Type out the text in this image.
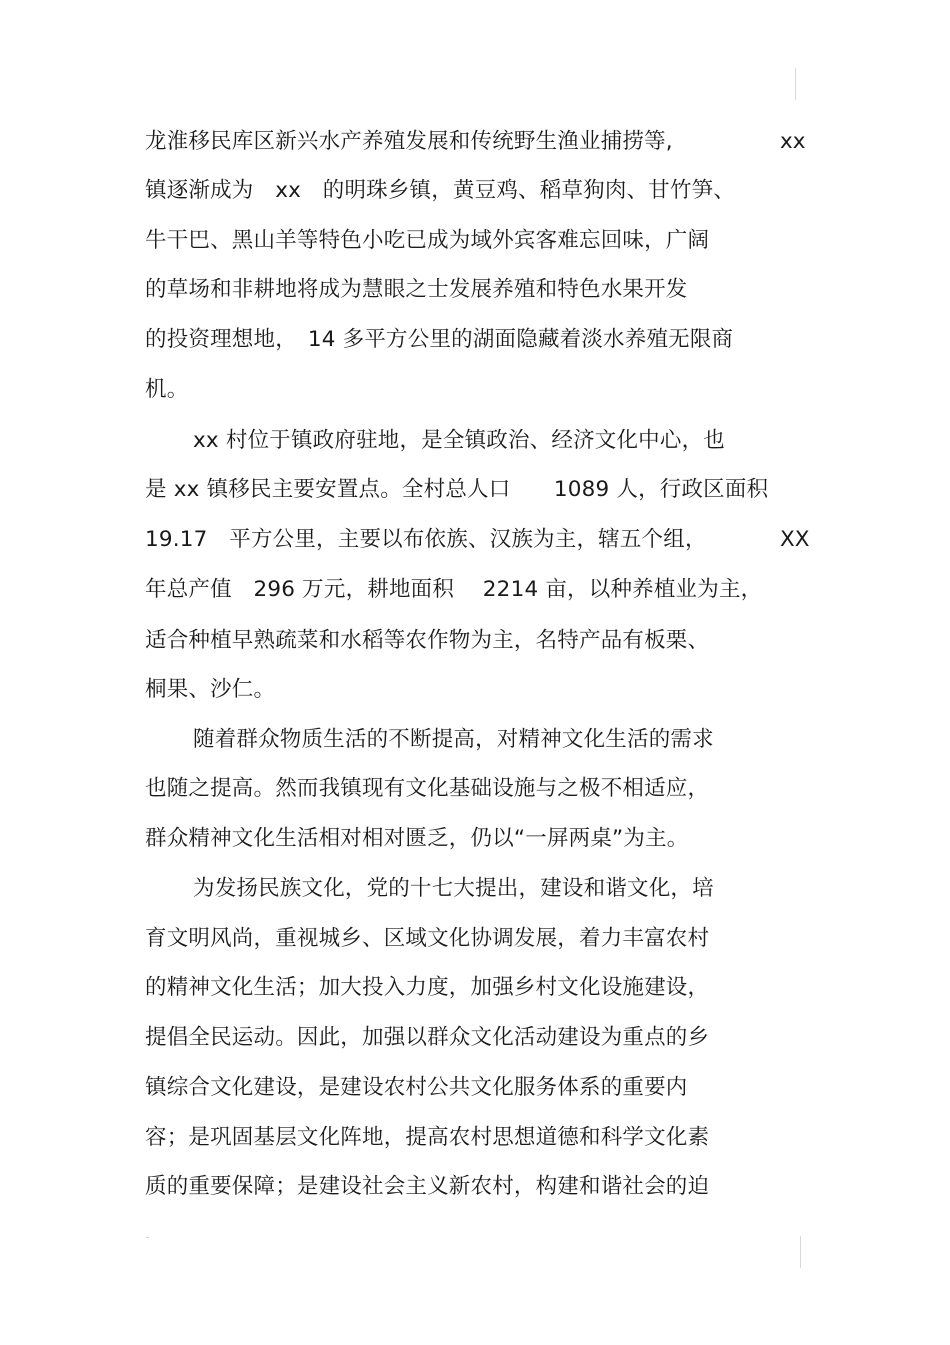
龙淮移民库区新兴水产养殖发展和传统野生渔业捕捞等,	xx
镇逐渐成为　xx　的明珠乡镇，黄豆鸡、稻草狗肉、甘竹笋、
牛干巴、黑山羊等特色小吃已成为域外宾客难忘回味，广阔
的草场和非耕地将成为慧眼之士发展养殖和特色水果开发
的投资理想地，　14 多平方公里的湖面隐藏着淡水养殖无限商
机。
xx 村位于镇政府驻地，是全镇政治、经济文化中心，也
是 xx 镇移民主要安置点。全村总人口　　1089 人，行政区面积
19.17　平方公里，主要以布依族、汉族为主，辖五个组，	XX
年总产值　296 万元，耕地面积　 2214 亩，以种养植业为主，
适合种植早熟疏菜和水稻等农作物为主，名特产品有板栗、
桐果、沙仁。
随着群众物质生活的不断提高，对精神文化生活的需求
也随之提高。然而我镇现有文化基础设施与之极不相适应，
群众精神文化生活相对相对匮乏，仍以“一屏两桌”为主。
为发扬民族文化，党的十七大提出，建设和谐文化，培
育文明风尚，重视城乡、区域文化协调发展，着力丰富农村
的精神文化生活；加大投入力度，加强乡村文化设施建设，
提倡全民运动。因此，加强以群众文化活动建设为重点的乡
镇综合文化建设，是建设农村公共文化服务体系的重要内
容；是巩固基层文化阵地，提高农村思想道德和科学文化素
质的重要保障；是建设社会主义新农村，构建和谐社会的迫
